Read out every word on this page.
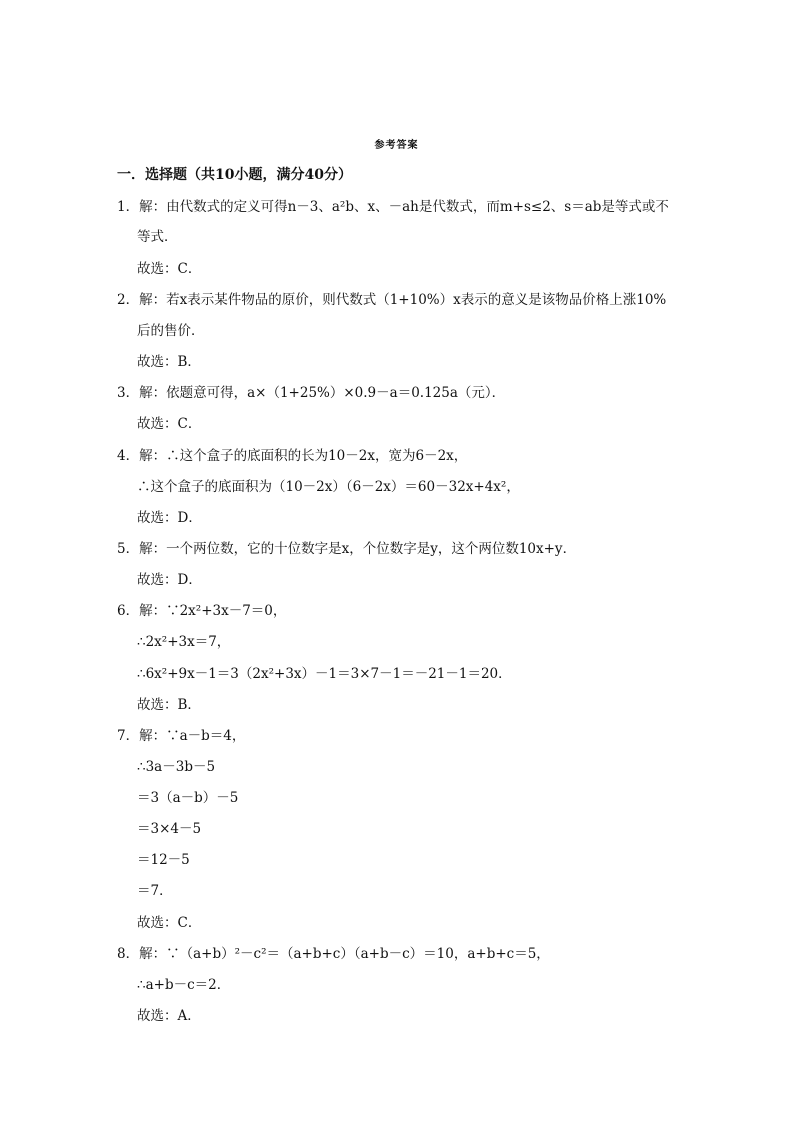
参考答案
一．选择题（共10小题，满分40分）
1．解：由代数式的定义可得n－3、a²b、x、－ah是代数式，而m+s≤2、s＝ab是等式或不
等式．
故选：C．
2．解：若x表示某件物品的原价，则代数式（1+10%）x表示的意义是该物品价格上涨10%
后的售价．
故选：B．
3．解：依题意可得，a×（1+25%）×0.9－a＝0.125a（元）．
故选：C．
4．解：∴这个盒子的底面积的长为10－2x，宽为6－2x，
∴这个盒子的底面积为（10－2x）（6－2x）＝60－32x+4x²，
故选：D．
5．解：一个两位数，它的十位数字是x，个位数字是y，这个两位数10x+y．
故选：D．
6．解：∵2x²+3x－7＝0，
∴2x²+3x＝7，
∴6x²+9x－1＝3（2x²+3x）－1＝3×7－1＝－21－1＝20．
故选：B．
7．解：∵a－b＝4，
∴3a－3b－5
＝3（a－b）－5
＝3×4－5
＝12－5
＝7．
故选：C．
8．解：∵（a+b）²－c²＝（a+b+c）（a+b－c）＝10，a+b+c＝5，
∴a+b－c＝2．
故选：A．
